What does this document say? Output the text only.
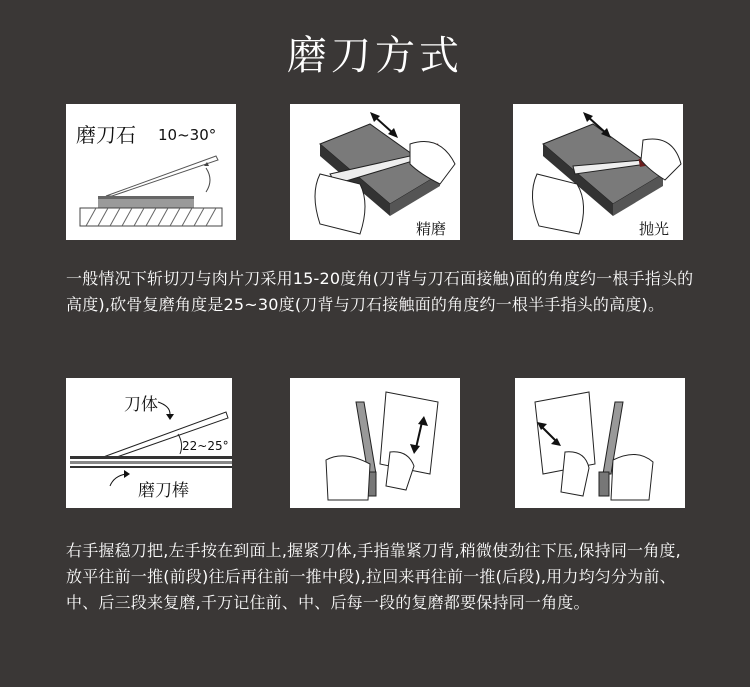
磨刀方式
磨刀石 10~30°
精磨	抛光

一般情况下斩切刀与肉片刀采用15-20度角(刀背与刀石面接触)面的角度约一根手指头的高度),砍骨复磨角度是25~30度(刀背与刀石接触面的角度约一根半手指头的高度)。

刀体
22~25°
磨刀棒

右手握稳刀把,左手按在到面上,握紧刀体,手指靠紧刀背,稍微使劲往下压,保持同一角度,放平往前一推(前段)往后再往前一推中段),拉回来再往前一推(后段),用力均匀分为前、中、后三段来复磨,千万记住前、中、后每一段的复磨都要保持同一角度。
